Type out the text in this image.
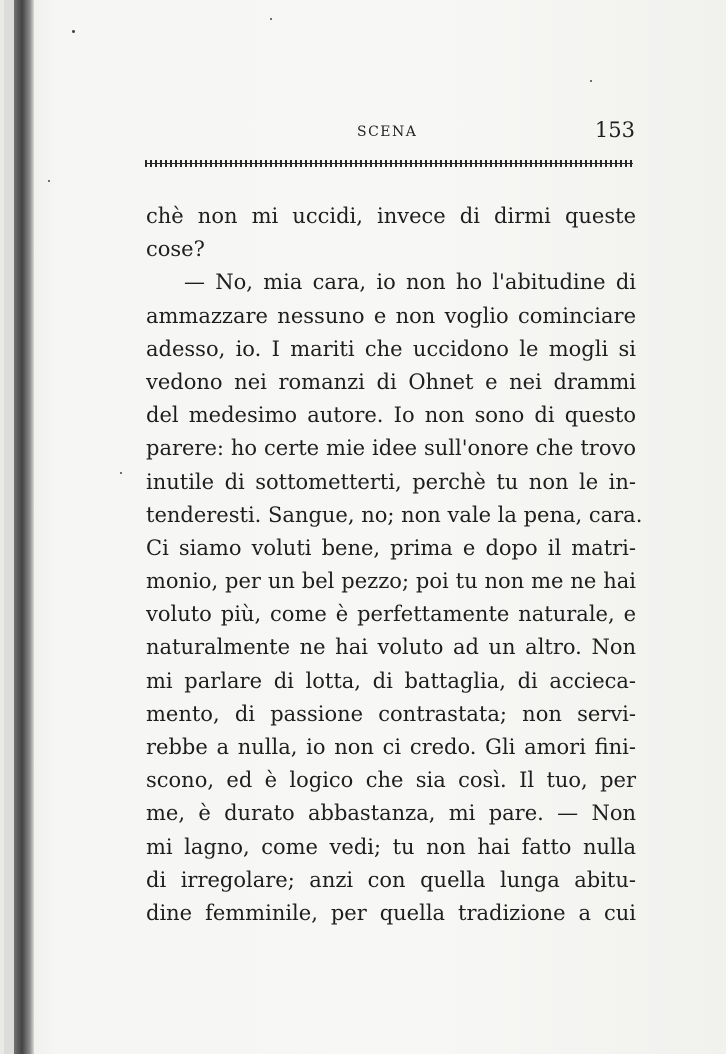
SCENA	153
chè non mi uccidi, invece di dirmi queste
cose?
— No, mia cara, io non ho l'abitudine di
ammazzare nessuno e non voglio cominciare
adesso, io. I mariti che uccidono le mogli si
vedono nei romanzi di Ohnet e nei drammi
del medesimo autore. Io non sono di questo
parere: ho certe mie idee sull'onore che trovo
inutile di sottometterti, perchè tu non le in-
tenderesti. Sangue, no; non vale la pena, cara.
Ci siamo voluti bene, prima e dopo il matri-
monio, per un bel pezzo; poi tu non me ne hai
voluto più, come è perfettamente naturale, e
naturalmente ne hai voluto ad un altro. Non
mi parlare di lotta, di battaglia, di accieca-
mento, di passione contrastata; non servi-
rebbe a nulla, io non ci credo. Gli amori fini-
scono, ed è logico che sia così. Il tuo, per
me, è durato abbastanza, mi pare. — Non
mi lagno, come vedi; tu non hai fatto nulla
di irregolare; anzi con quella lunga abitu-
dine femminile, per quella tradizione a cui
